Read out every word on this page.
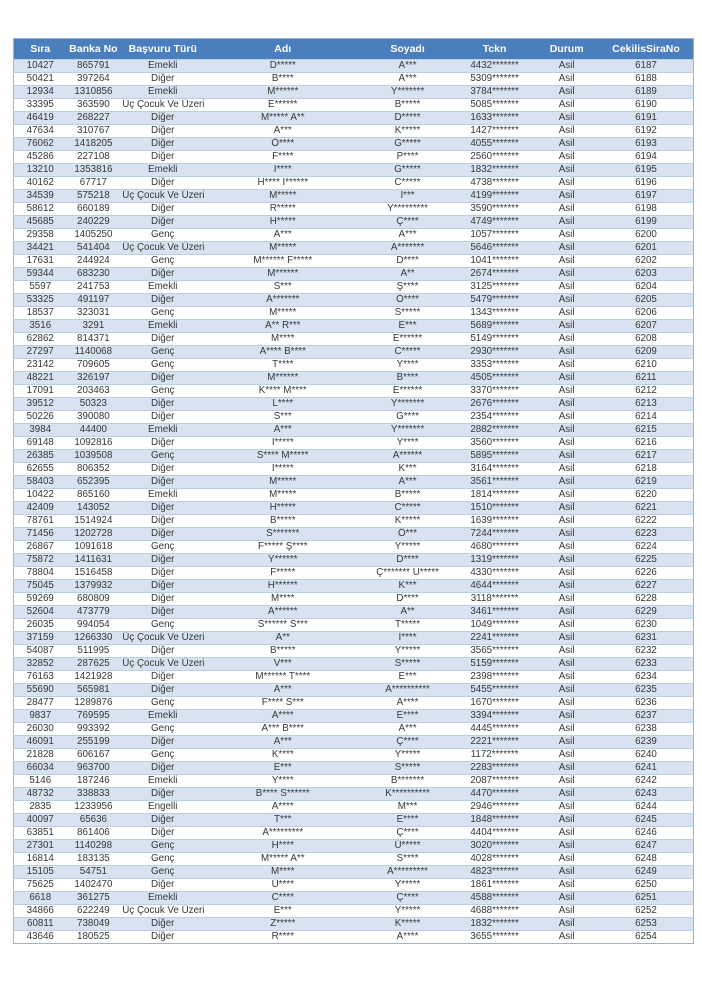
Sıra	Banka No	Başvuru Türü	Adı	Soyadı	Tckn	Durum	CekilisSiraNo
10427	865791	Emekli	D*****	A***	4432*******	Asil	6187
50421	397264	Diğer	B****	A***	5309*******	Asil	6188
12934	1310856	Emekli	M******	Y*******	3784*******	Asil	6189
33395	363590	Üç Çocuk Ve Üzeri	E******	B*****	5085*******	Asil	6190
46419	268227	Diğer	M***** A**	D*****	1633*******	Asil	6191
47634	310767	Diğer	A***	K*****	1427*******	Asil	6192
76062	1418205	Diğer	Ö****	G*****	4055*******	Asil	6193
45286	227108	Diğer	F****	P****	2560*******	Asil	6194
13210	1353816	Emekli	İ****	G*****	1832*******	Asil	6195
40162	67717	Diğer	H**** İ******	C*****	4738*******	Asil	6196
34539	575218	Üç Çocuk Ve Üzeri	M*****	İ***	4199*******	Asil	6197
58612	660189	Diğer	R*****	Y*********	3590*******	Asil	6198
45685	240229	Diğer	H*****	Ç****	4749*******	Asil	6199
29358	1405250	Genç	A***	A***	1057*******	Asil	6200
34421	541404	Üç Çocuk Ve Üzeri	M*****	A*******	5646*******	Asil	6201
17631	244924	Genç	M****** F*****	D****	1041*******	Asil	6202
59344	683230	Diğer	M******	A**	2674*******	Asil	6203
5597	241753	Emekli	S***	Ş****	3125*******	Asil	6204
53325	491197	Diğer	A*******	Ö****	5479*******	Asil	6205
18537	323031	Genç	M*****	S*****	1343*******	Asil	6206
3516	3291	Emekli	A** R***	E***	5689*******	Asil	6207
62862	814371	Diğer	M****	E******	5149*******	Asil	6208
27297	1140068	Genç	A**** B****	C*****	2930*******	Asil	6209
23142	709605	Genç	T****	Y****	3353*******	Asil	6210
48221	326197	Diğer	M******	B****	4505*******	Asil	6211
17091	203463	Genç	K**** M****	E******	3370*******	Asil	6212
39512	50323	Diğer	L****	Y*******	2676*******	Asil	6213
50226	390080	Diğer	S***	G****	2354*******	Asil	6214
3984	44400	Emekli	A***	Y*******	2882*******	Asil	6215
69148	1092816	Diğer	İ*****	Y****	3560*******	Asil	6216
26385	1039508	Genç	S**** M*****	A******	5895*******	Asil	6217
62655	806352	Diğer	İ*****	K***	3164*******	Asil	6218
58403	652395	Diğer	M*****	A***	3561*******	Asil	6219
10422	865160	Emekli	M*****	B*****	1814*******	Asil	6220
42409	143052	Diğer	H*****	C*****	1510*******	Asil	6221
78761	1514924	Diğer	B*****	K*****	1639*******	Asil	6222
71456	1202728	Diğer	S*******	Ö***	7244*******	Asil	6223
26867	1091618	Genç	F***** Ş****	Y*****	4680*******	Asil	6224
75872	1411631	Diğer	Y******	D****	1319*******	Asil	6225
78804	1516458	Diğer	F*****	Ç******* U*****	4330*******	Asil	6226
75045	1379932	Diğer	H******	K***	4644*******	Asil	6227
59269	680809	Diğer	M****	D****	3118*******	Asil	6228
52604	473779	Diğer	A******	A**	3461*******	Asil	6229
26035	994054	Genç	S****** S***	T*****	1049*******	Asil	6230
37159	1266330	Üç Çocuk Ve Üzeri	A**	İ****	2241*******	Asil	6231
54087	511995	Diğer	B*****	Y*****	3565*******	Asil	6232
32852	287625	Üç Çocuk Ve Üzeri	V***	S*****	5159*******	Asil	6233
76163	1421928	Diğer	M****** T****	E***	2398*******	Asil	6234
55690	565981	Diğer	A***	A**********	5455*******	Asil	6235
28477	1289876	Genç	F**** S***	A****	1670*******	Asil	6236
9837	769595	Emekli	A****	E****	3394*******	Asil	6237
26030	993392	Genç	A*** B****	A***	4445*******	Asil	6238
46091	255199	Diğer	A***	Ç****	2221*******	Asil	6239
21828	606167	Genç	K****	Y*****	1172*******	Asil	6240
66034	963700	Diğer	E***	S*****	2283*******	Asil	6241
5146	187246	Emekli	Y****	B*******	2087*******	Asil	6242
48732	338833	Diğer	B**** S******	K**********	4470*******	Asil	6243
2835	1233956	Engelli	A****	M***	2946*******	Asil	6244
40097	65636	Diğer	T***	E****	1848*******	Asil	6245
63851	861406	Diğer	A*********	Ç****	4404*******	Asil	6246
27301	1140298	Genç	H****	Ü*****	3020*******	Asil	6247
16814	183135	Genç	M***** A**	S****	4028*******	Asil	6248
15105	54751	Genç	M****	A*********	4823*******	Asil	6249
75625	1402470	Diğer	Ü****	Y*****	1861*******	Asil	6250
6618	361275	Emekli	C****	Ç****	4588*******	Asil	6251
34866	622249	Üç Çocuk Ve Üzeri	E***	Y*****	4688*******	Asil	6252
60811	738049	Diğer	Z*****	K*****	1832*******	Asil	6253
43646	180525	Diğer	R****	A****	3655*******	Asil	6254
